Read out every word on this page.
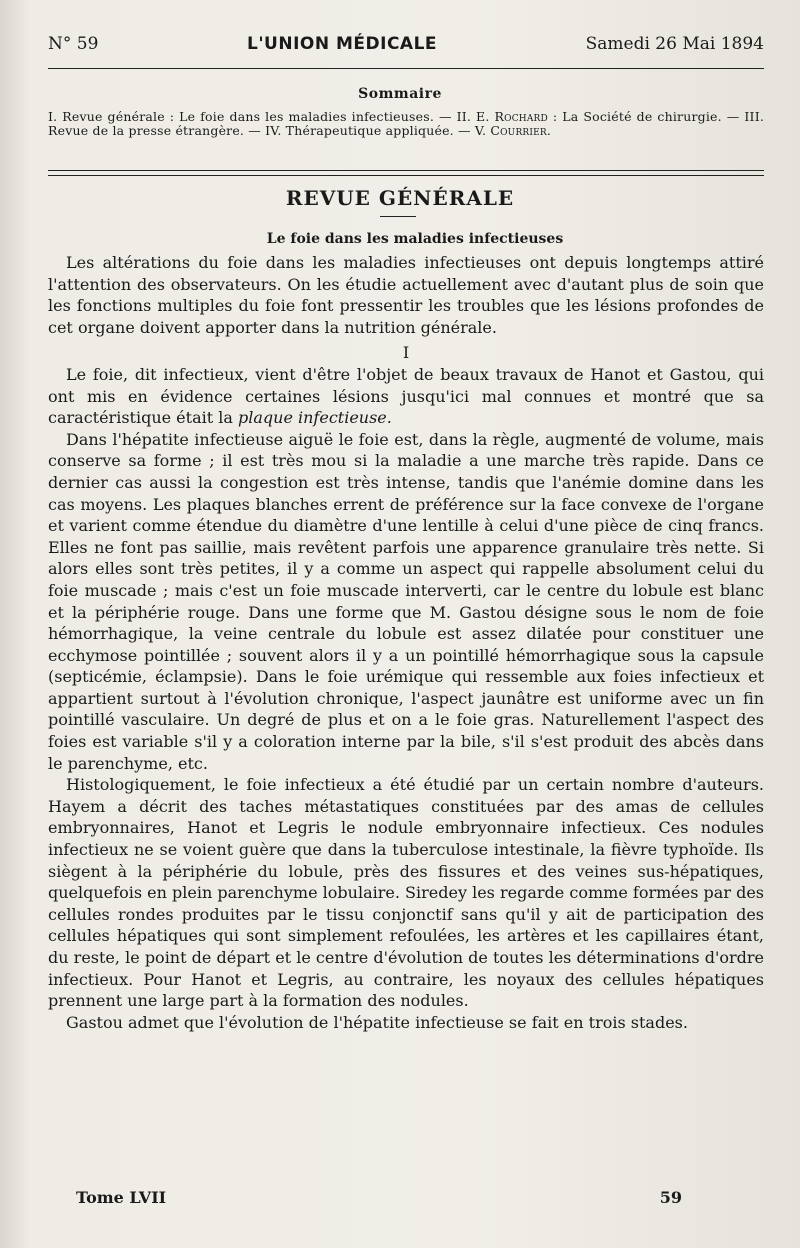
N° 59	L'UNION MÉDICALE	Samedi 26 Mai 1894
Sommaire
I. Revue générale : Le foie dans les maladies infectieuses. — II. E. Rochard : La Société de chirurgie. — III. Revue de la presse étrangère. — IV. Thérapeutique appliquée. — V. Courrier.
REVUE GÉNÉRALE
Le foie dans les maladies infectieuses

Les altérations du foie dans les maladies infectieuses ont depuis longtemps attiré l'attention des observateurs. On les étudie actuellement avec d'autant plus de soin que les fonctions multiples du foie font pressentir les troubles que les lésions profondes de cet organe doivent apporter dans la nutrition générale.

I

Le foie, dit infectieux, vient d'être l'objet de beaux travaux de Hanot et Gastou, qui ont mis en évidence certaines lésions jusqu'ici mal connues et montré que sa caractéristique était la plaque infectieuse.

Dans l'hépatite infectieuse aiguë le foie est, dans la règle, augmenté de volume, mais conserve sa forme ; il est très mou si la maladie a une marche très rapide. Dans ce dernier cas aussi la congestion est très intense, tandis que l'anémie domine dans les cas moyens. Les plaques blanches errent de préférence sur la face convexe de l'organe et varient comme étendue du diamètre d'une lentille à celui d'une pièce de cinq francs. Elles ne font pas saillie, mais revêtent parfois une apparence granulaire très nette. Si alors elles sont très petites, il y a comme un aspect qui rappelle absolument celui du foie muscade ; mais c'est un foie muscade interverti, car le centre du lobule est blanc et la périphérie rouge. Dans une forme que M. Gastou désigne sous le nom de foie hémorrhagique, la veine centrale du lobule est assez dilatée pour constituer une ecchymose pointillée ; souvent alors il y a un pointillé hémorrhagique sous la capsule (septicémie, éclampsie). Dans le foie urémique qui ressemble aux foies infectieux et appartient surtout à l'évolution chronique, l'aspect jaunâtre est uniforme avec un fin pointillé vasculaire. Un degré de plus et on a le foie gras. Naturellement l'aspect des foies est variable s'il y a coloration interne par la bile, s'il s'est produit des abcès dans le parenchyme, etc.

Histologiquement, le foie infectieux a été étudié par un certain nombre d'auteurs. Hayem a décrit des taches métastatiques constituées par des amas de cellules embryonnaires, Hanot et Legris le nodule embryonnaire infectieux. Ces nodules infectieux ne se voient guère que dans la tuberculose intestinale, la fièvre typhoïde. Ils siègent à la périphérie du lobule, près des fissures et des veines sus-hépatiques, quelquefois en plein parenchyme lobulaire. Siredey les regarde comme formées par des cellules rondes produites par le tissu conjonctif sans qu'il y ait de participation des cellules hépatiques qui sont simplement refoulées, les artères et les capillaires étant, du reste, le point de départ et le centre d'évolution de toutes les déterminations d'ordre infectieux. Pour Hanot et Legris, au contraire, les noyaux des cellules hépatiques prennent une large part à la formation des nodules.

Gastou admet que l'évolution de l'hépatite infectieuse se fait en trois stades.

Tome LVII	59
